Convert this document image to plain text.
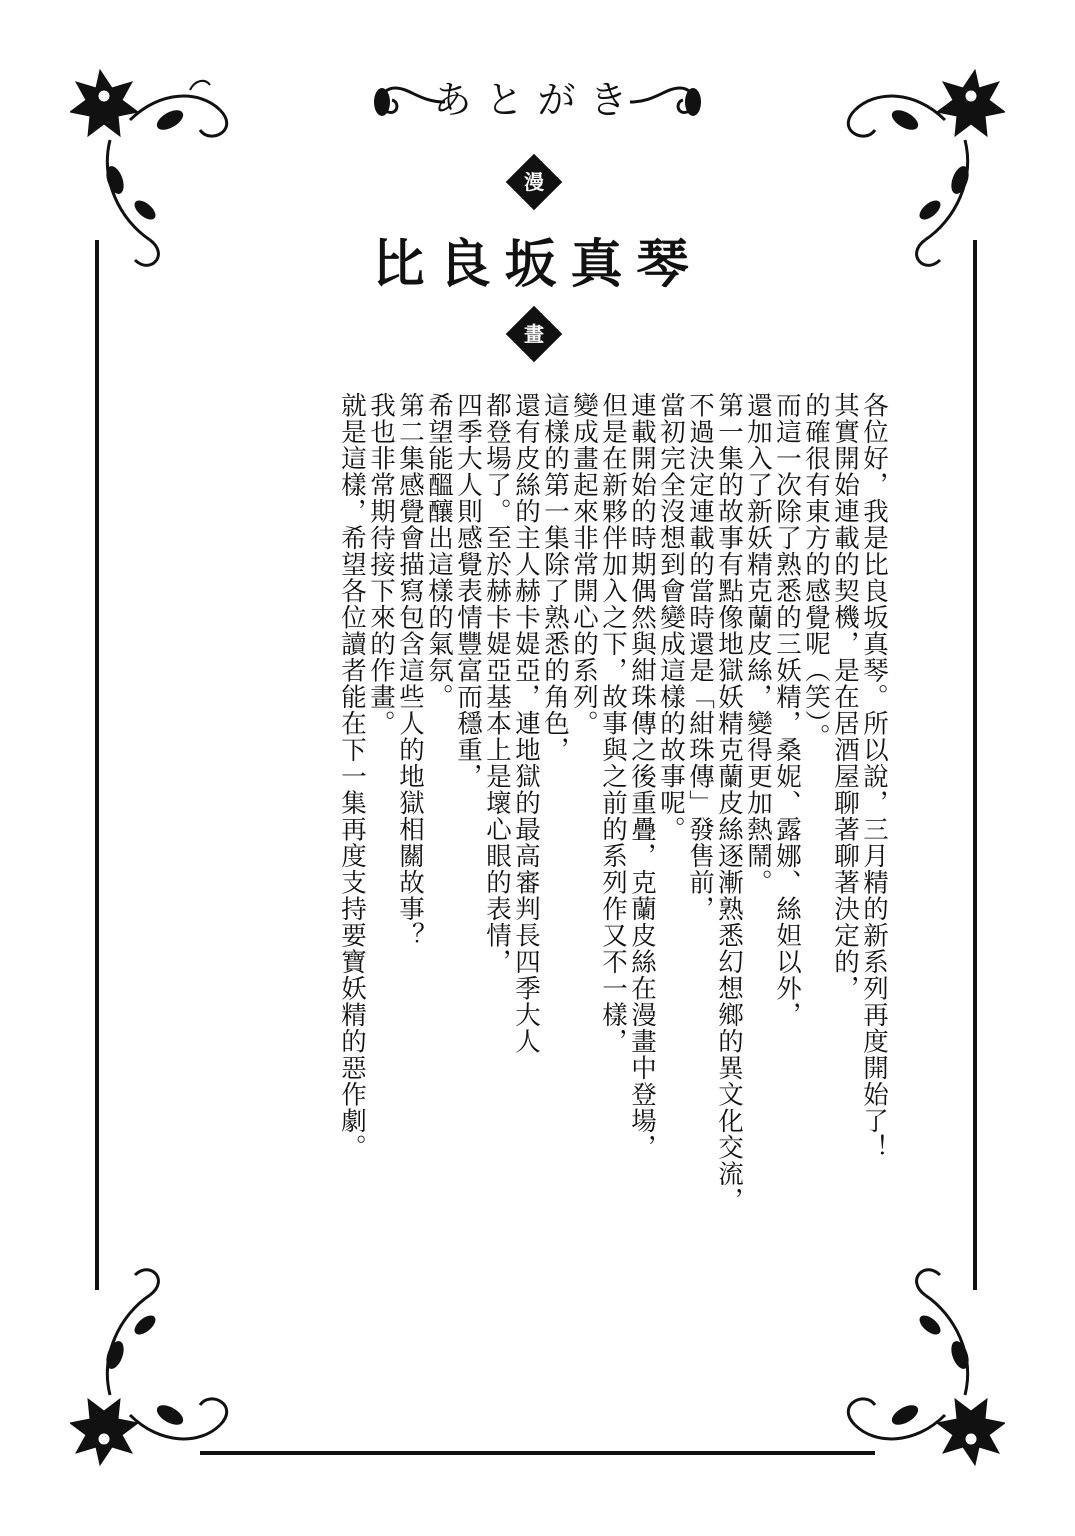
あとがき
漫
比良坂真琴
畫
各位好，我是比良坂真琴。所以說，三月精的新系列再度開始了！
其實開始連載的契機，是在居酒屋聊著聊著決定的，
的確很有東方的感覺呢（笑）。
而這一次除了熟悉的三妖精，桑妮、露娜、絲妲以外，
還加入了新妖精克蘭皮絲，變得更加熱鬧。
第一集的故事有點像地獄妖精克蘭皮絲逐漸熟悉幻想鄉的異文化交流，
不過決定連載的當時還是「紺珠傳」發售前，
當初完全沒想到會變成這樣的故事呢。
連載開始的時期偶然與紺珠傳之後重疊，克蘭皮絲在漫畫中登場，
但是在新夥伴加入之下，故事與之前的系列作又不一樣，
變成畫起來非常開心的系列。
這樣的第一集除了熟悉的角色，
還有皮絲的主人赫卡媞亞，連地獄的最高審判長四季大人
都登場了。至於赫卡媞亞基本上是壞心眼的表情，
四季大人則感覺表情豐富而穩重，
希望能醞釀出這樣的氣氛。
第二集感覺會描寫包含這些人的地獄相關故事？
我也非常期待接下來的作畫。
就是這樣，希望各位讀者能在下一集再度支持要寶妖精的惡作劇。
